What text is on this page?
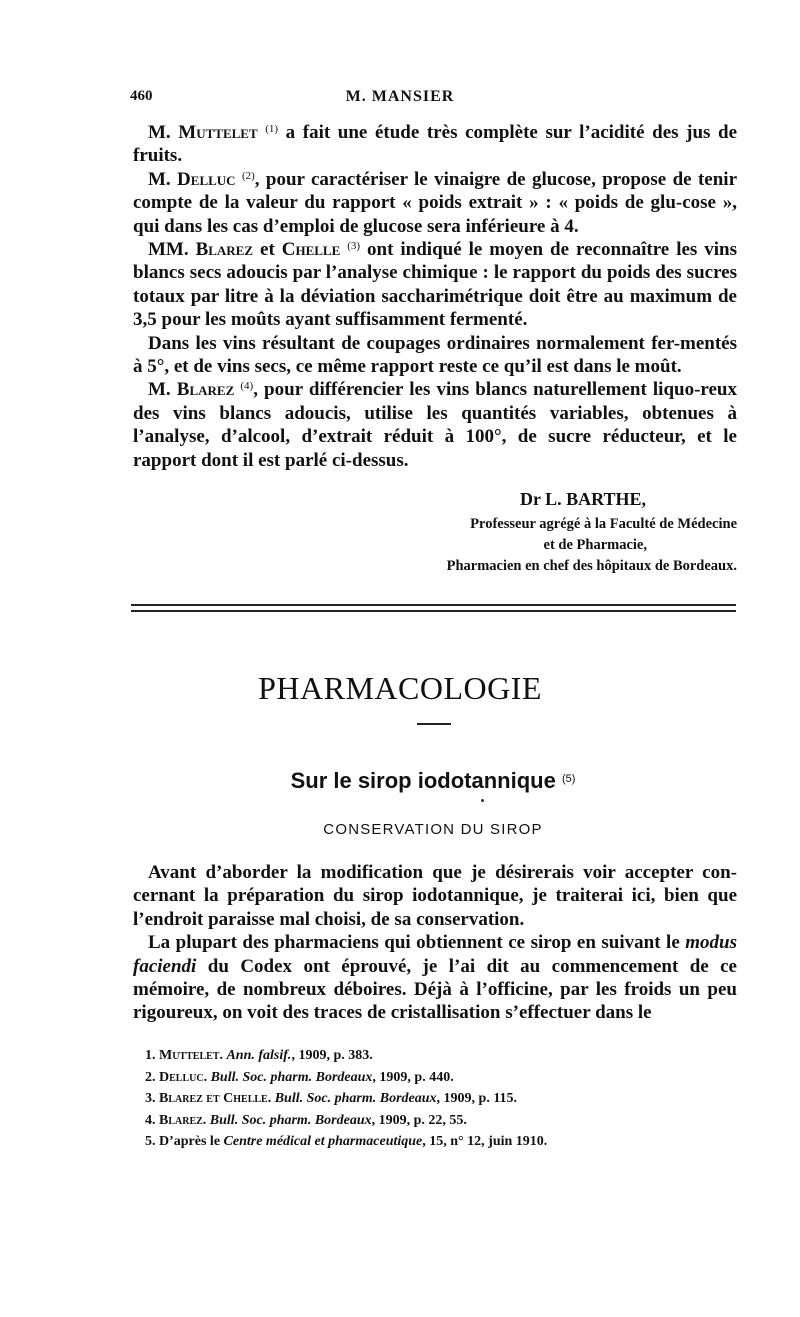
460	M. MANSIER

M. Muttelet $^{(1)}$ a fait une étude très complète sur l’acidité des jus de fruits.

M. Delluc $^{(2)}$, pour caractériser le vinaigre de glucose, propose de tenir compte de la valeur du rapport « poids extrait » : « poids de glu-cose », qui dans les cas d’emploi de glucose sera inférieure à 4.

MM. Blarez et Chelle $^{(3)}$ ont indiqué le moyen de reconnaître les vins blancs secs adoucis par l’analyse chimique : le rapport du poids des sucres totaux par litre à la déviation saccharimétrique doit être au maximum de 3,5 pour les moûts ayant suffisamment fermenté.

Dans les vins résultant de coupages ordinaires normalement fer-mentés à 5°, et de vins secs, ce même rapport reste ce qu’il est dans le moût.

M. Blarez $^{(4)}$, pour différencier les vins blancs naturellement liquo-reux des vins blancs adoucis, utilise les quantités variables, obtenues à l’analyse, d’alcool, d’extrait réduit à 100°, de sucre réducteur, et le rapport dont il est parlé ci-dessus.

Dr L. BARTHE,
Professeur agrégé à la Faculté de Médecine
et de Pharmacie,
Pharmacien en chef des hôpitaux de Bordeaux.
PHARMACOLOGIE
Sur le sirop iodotannique $^{(5)}$
CONSERVATION DU SIROP

Avant d’aborder la modification que je désirerais voir accepter con-cernant la préparation du sirop iodotannique, je traiterai ici, bien que l’endroit paraisse mal choisi, de sa conservation.

La plupart des pharmaciens qui obtiennent ce sirop en suivant le modus faciendi du Codex ont éprouvé, je l’ai dit au commencement de ce mémoire, de nombreux déboires. Déjà à l’officine, par les froids un peu rigoureux, on voit des traces de cristallisation s’effectuer dans le

1. Muttelet. Ann. falsif., 1909, p. 383.
2. Delluc. Bull. Soc. pharm. Bordeaux, 1909, p. 440.
3. Blarez et Chelle. Bull. Soc. pharm. Bordeaux, 1909, p. 115.
4. Blarez. Bull. Soc. pharm. Bordeaux, 1909, p. 22, 55.
5. D’après le Centre médical et pharmaceutique, 15, n° 12, juin 1910.
